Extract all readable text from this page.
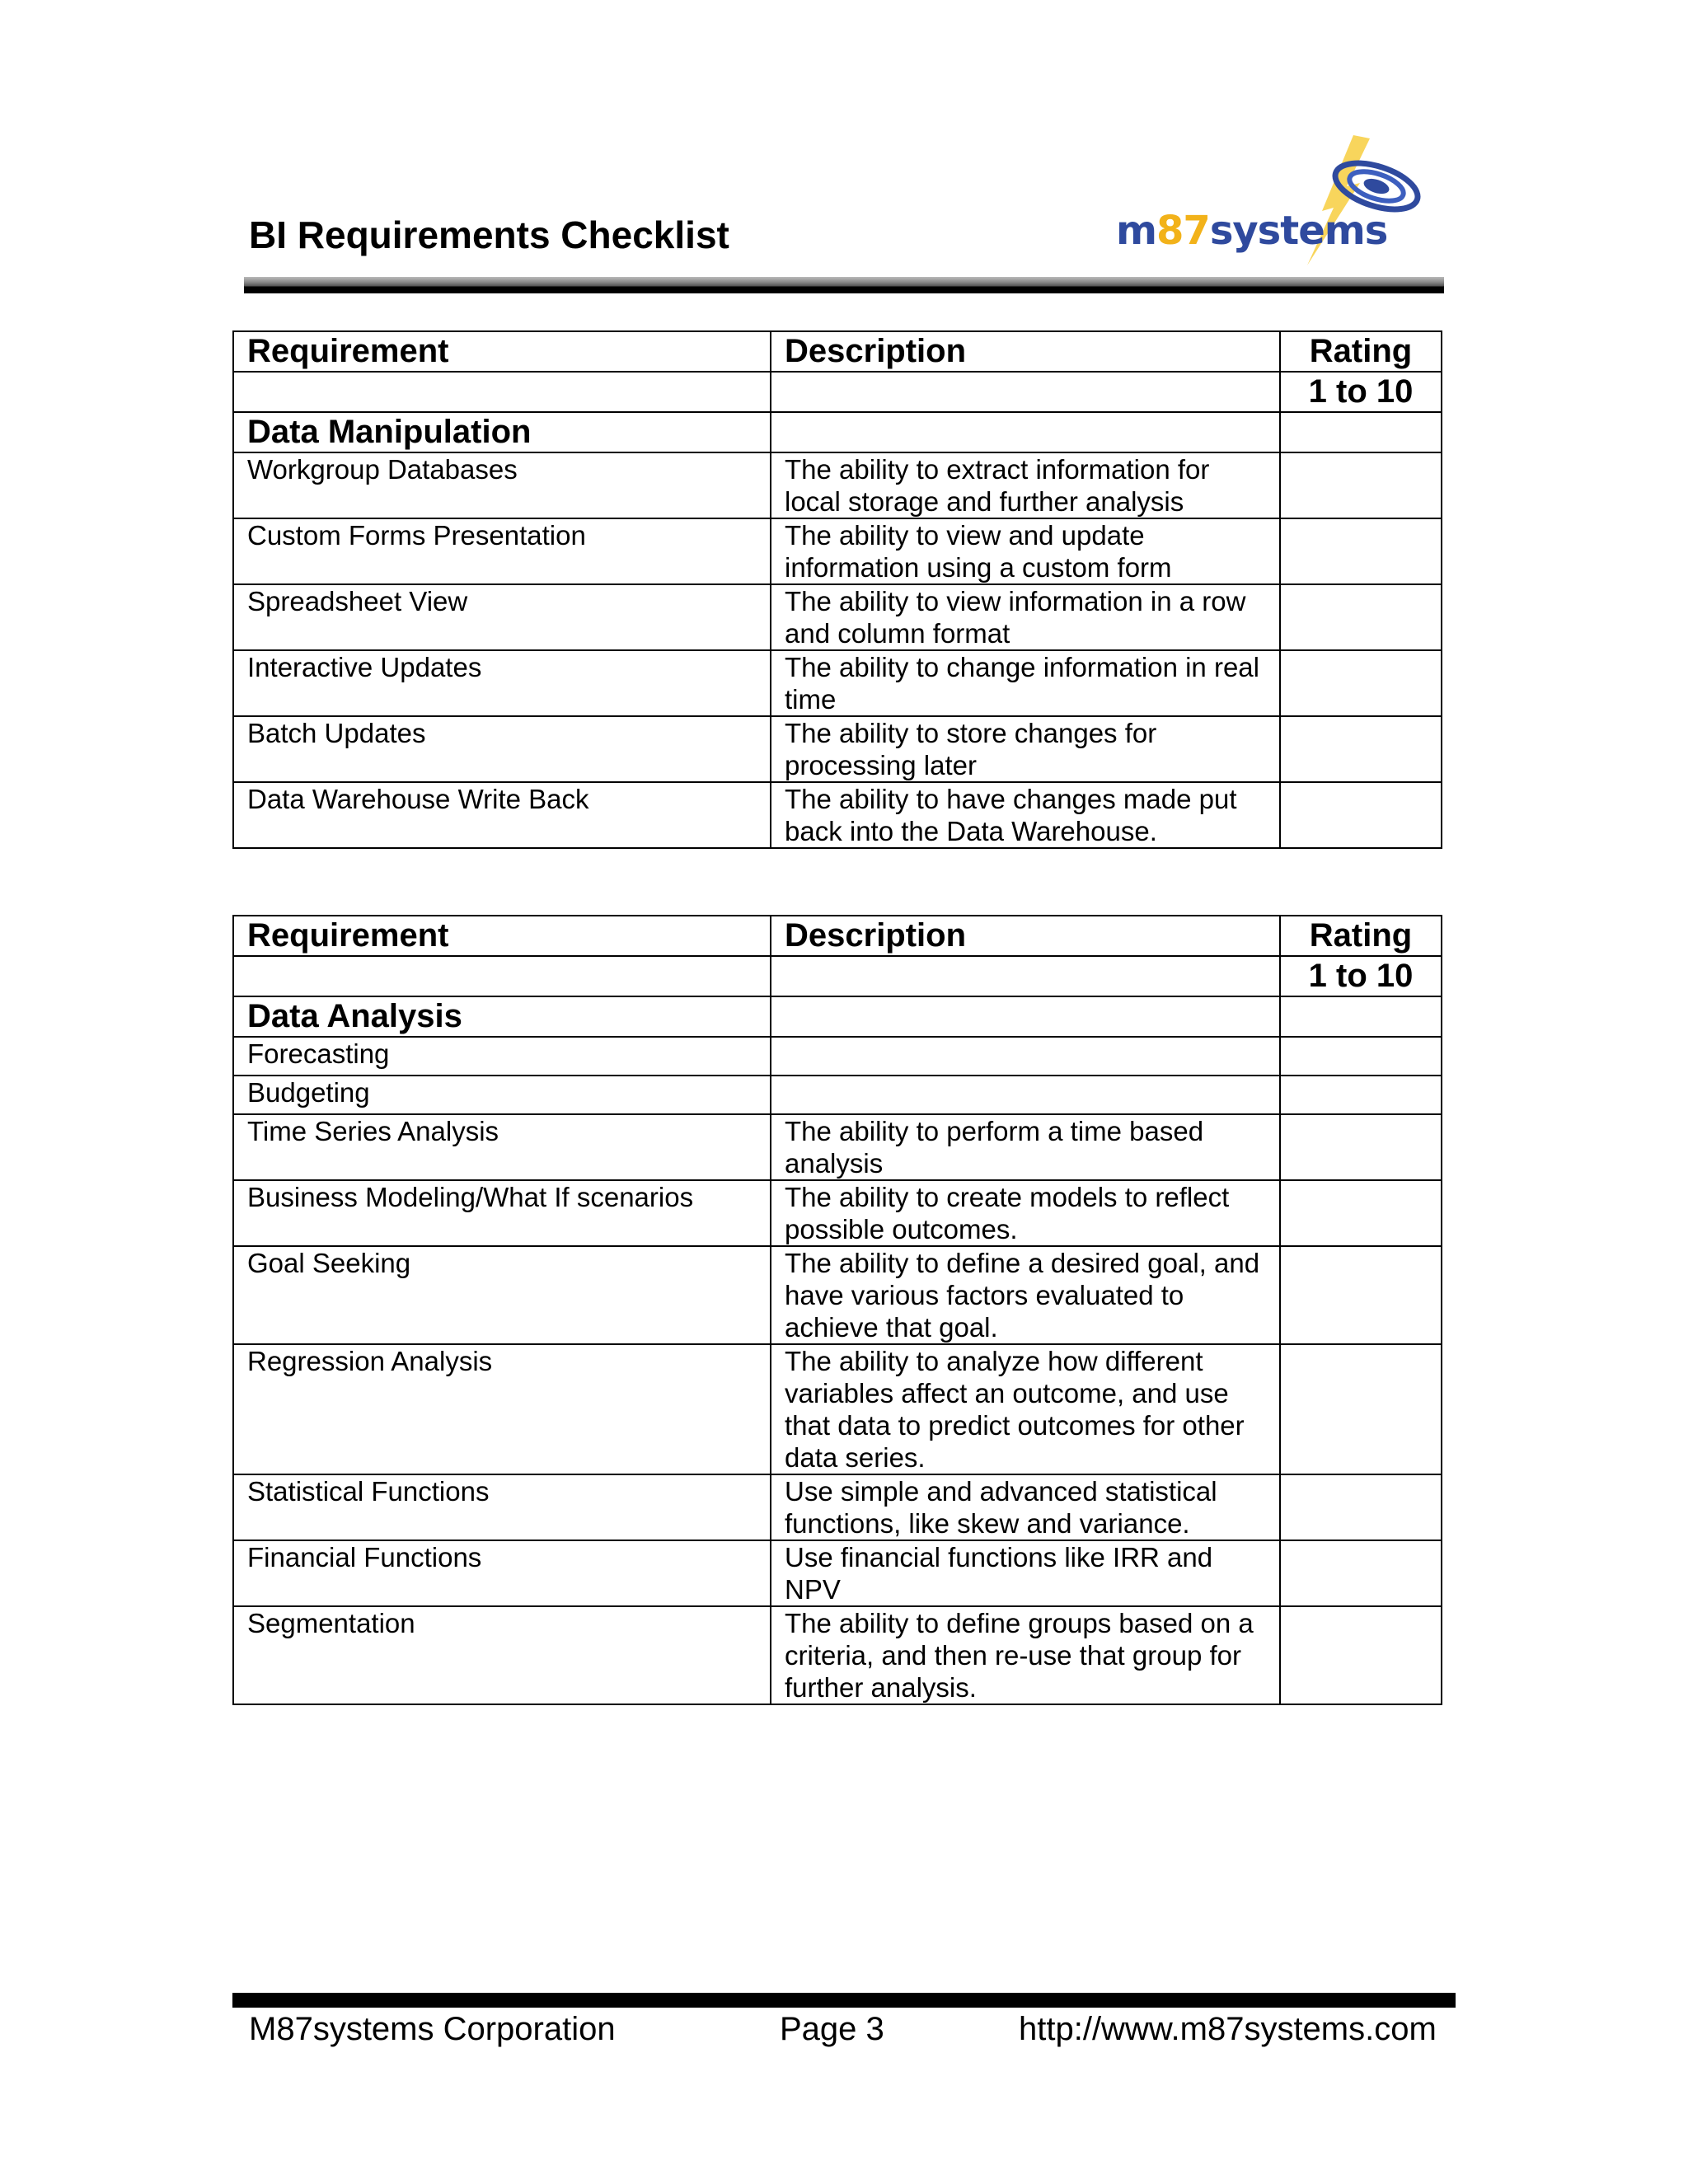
BI Requirements Checklist	m87systems
Requirement	Description	Rating
		1 to 10
Data Manipulation		
Workgroup Databases	The ability to extract information for local storage and further analysis	
Custom Forms Presentation	The ability to view and update information using a custom form	
Spreadsheet View	The ability to view information in a row and column format	
Interactive Updates	The ability to change information in real time	
Batch Updates	The ability to store changes for processing later	
Data Warehouse Write Back	The ability to have changes made put back into the Data Warehouse.	
Requirement	Description	Rating
		1 to 10
Data Analysis		
Forecasting		
Budgeting		
Time Series Analysis	The ability to perform a time based analysis	
Business Modeling/What If scenarios	The ability to create models to reflect possible outcomes.	
Goal Seeking	The ability to define a desired goal, and have various factors evaluated to achieve that goal.	
Regression Analysis	The ability to analyze how different variables affect an outcome, and use that data to predict outcomes for other data series.	
Statistical Functions	Use simple and advanced statistical functions, like skew and variance.	
Financial Functions	Use financial functions like IRR and NPV	
Segmentation	The ability to define groups based on a criteria, and then re-use that group for further analysis.	
M87systems Corporation	Page 3	http://www.m87systems.com
